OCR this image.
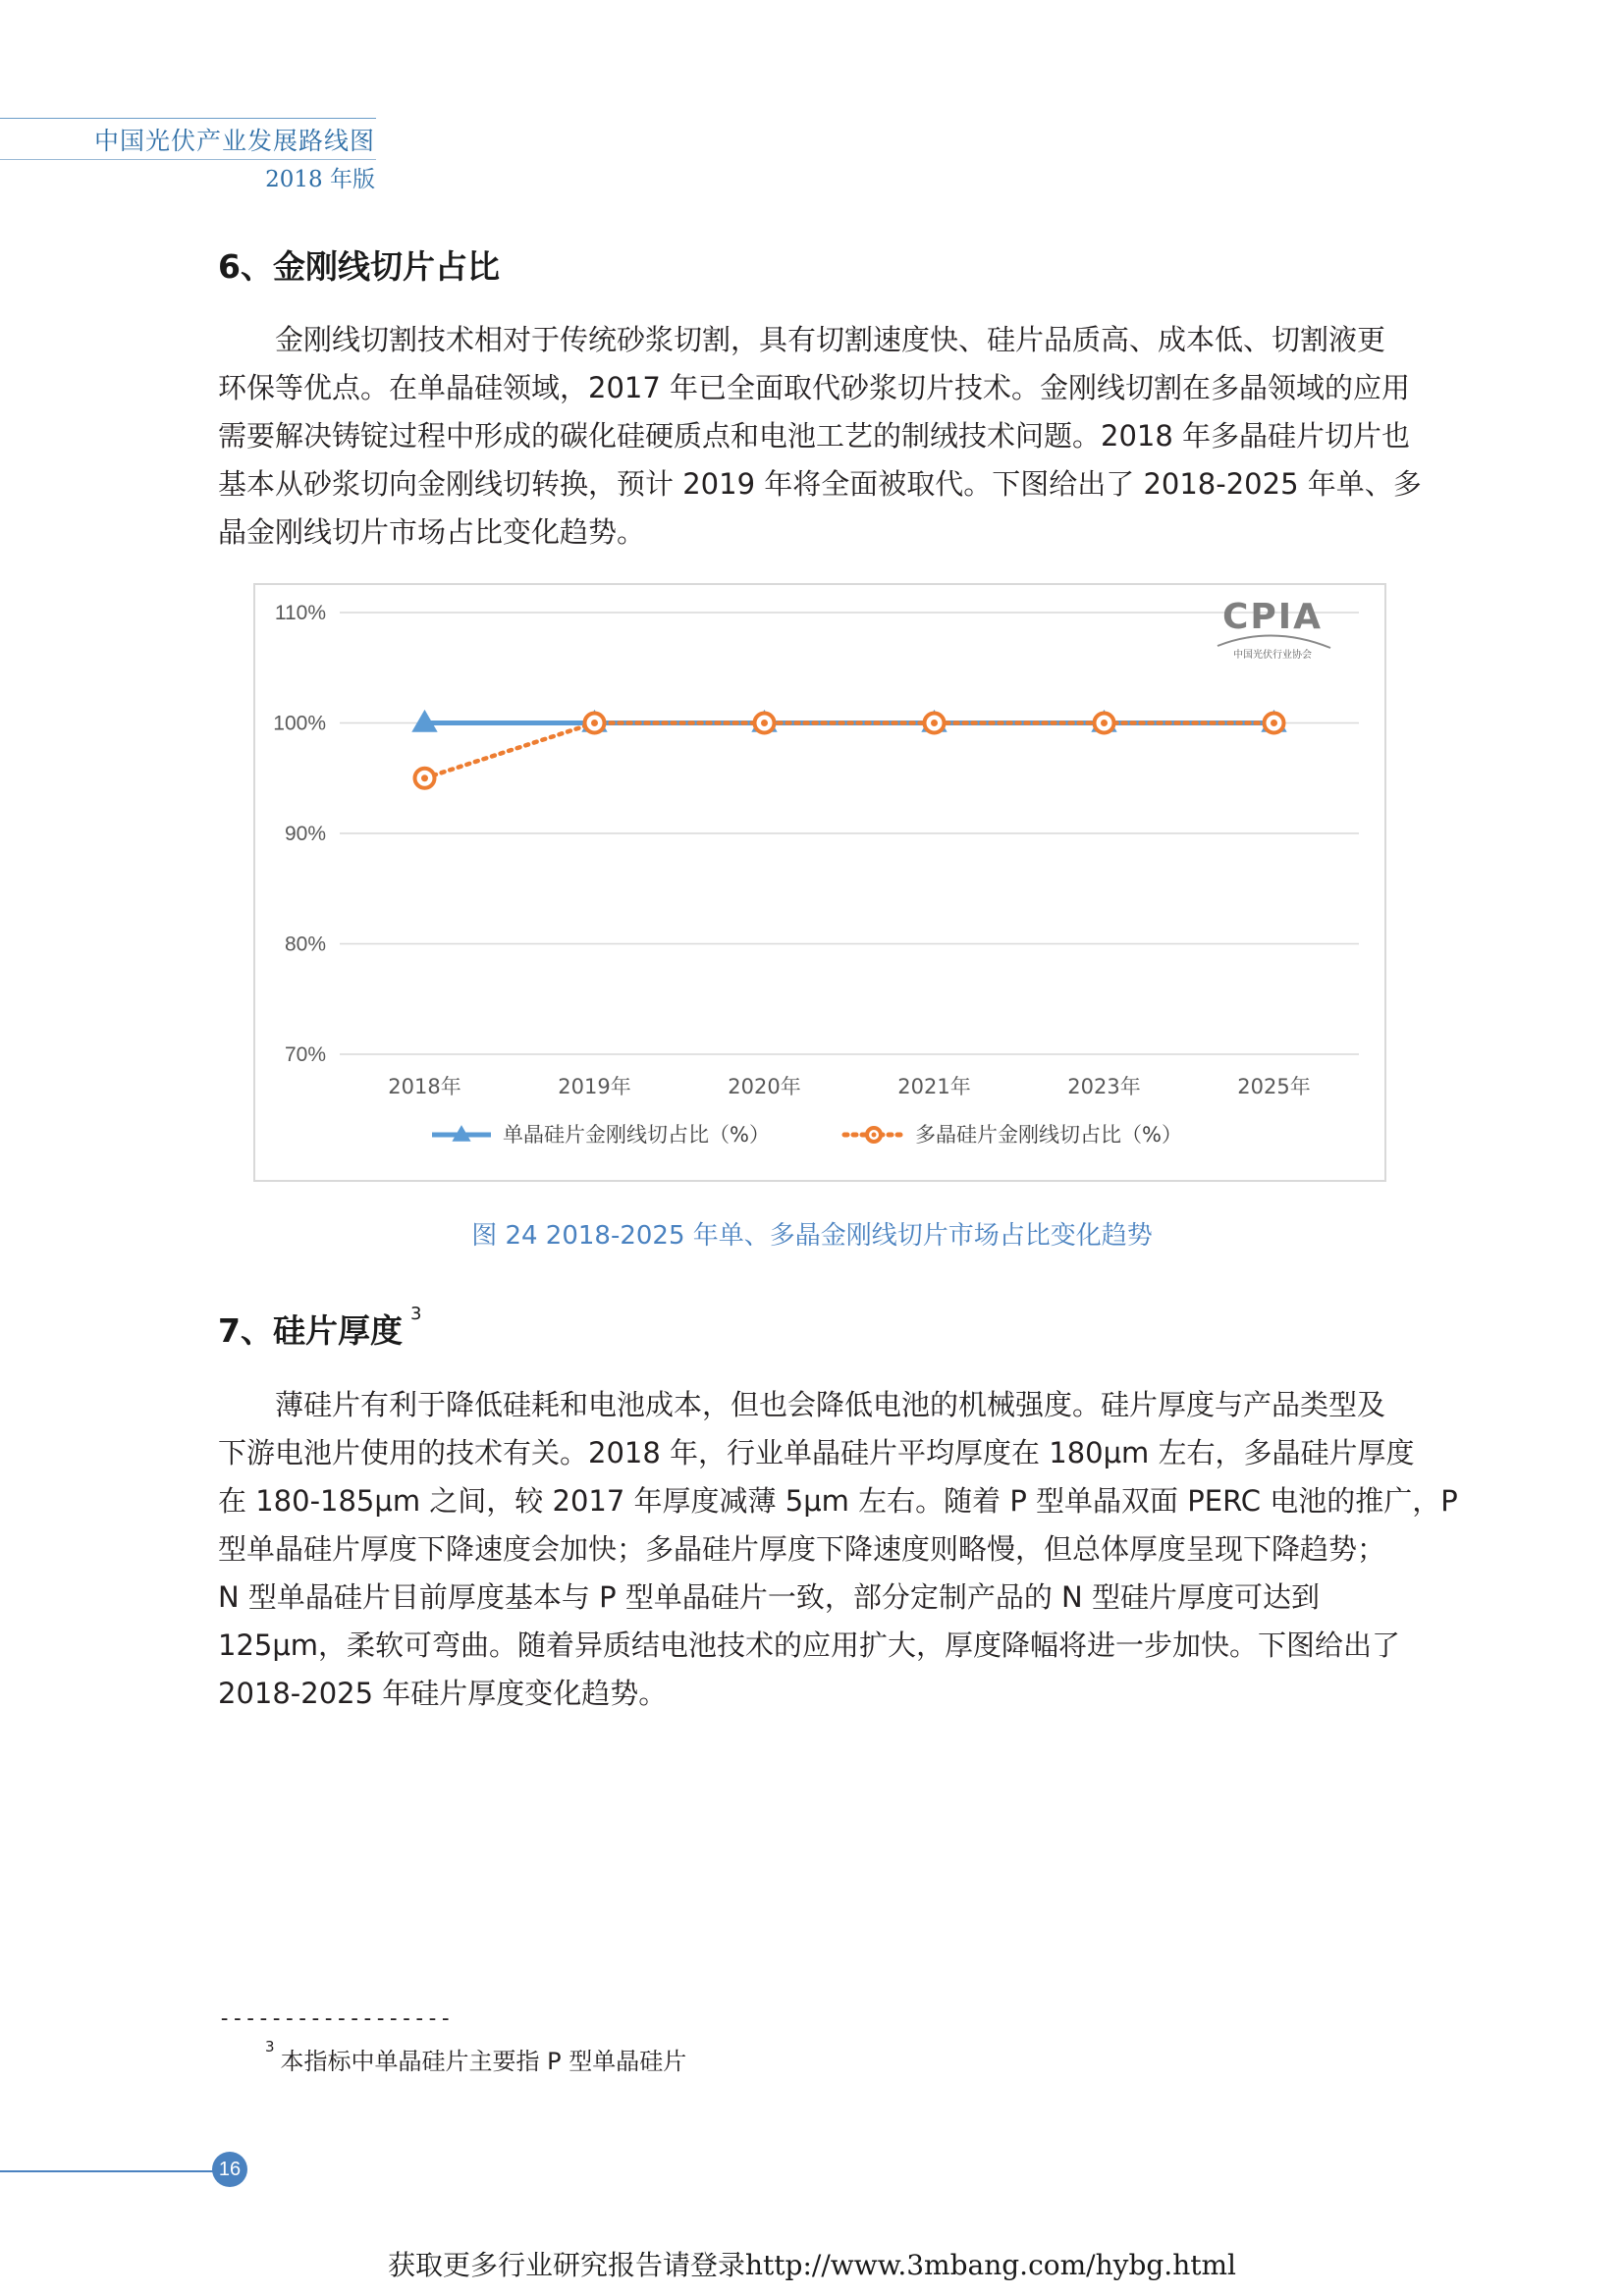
中国光伏产业发展路线图
2018 年版
6、金刚线切片占比
金刚线切割技术相对于传统砂浆切割，具有切割速度快、硅片品质高、成本低、切割液更
环保等优点。在单晶硅领域，2017 年已全面取代砂浆切片技术。金刚线切割在多晶领域的应用
需要解决铸锭过程中形成的碳化硅硬质点和电池工艺的制绒技术问题。2018 年多晶硅片切片也
基本从砂浆切向金刚线切转换，预计 2019 年将全面被取代。下图给出了 2018-2025 年单、多
晶金刚线切片市场占比变化趋势。
70%
80%
90%
100%
110%
2018年	2019年	2020年	2021年	2023年	2025年
单晶硅片金刚线切占比（%）	多晶硅片金刚线切占比（%）
CPIA
中国光伏行业协会
图 24 2018-2025 年单、多晶金刚线切片市场占比变化趋势
7、硅片厚度 $^3$
薄硅片有利于降低硅耗和电池成本，但也会降低电池的机械强度。硅片厚度与产品类型及
下游电池片使用的技术有关。2018 年，行业单晶硅片平均厚度在 180μm 左右，多晶硅片厚度
在 180-185μm 之间，较 2017 年厚度减薄 5μm 左右。随着 P 型单晶双面 PERC 电池的推广，P
型单晶硅片厚度下降速度会加快；多晶硅片厚度下降速度则略慢，但总体厚度呈现下降趋势；
N 型单晶硅片目前厚度基本与 P 型单晶硅片一致，部分定制产品的 N 型硅片厚度可达到
125μm，柔软可弯曲。随着异质结电池技术的应用扩大，厚度降幅将进一步加快。下图给出了
2018-2025 年硅片厚度变化趋势。
------------------
$^3$本指标中单晶硅片主要指 P 型单晶硅片
16
获取更多行业研究报告请登录http://www.3mbang.com/hybg.html
